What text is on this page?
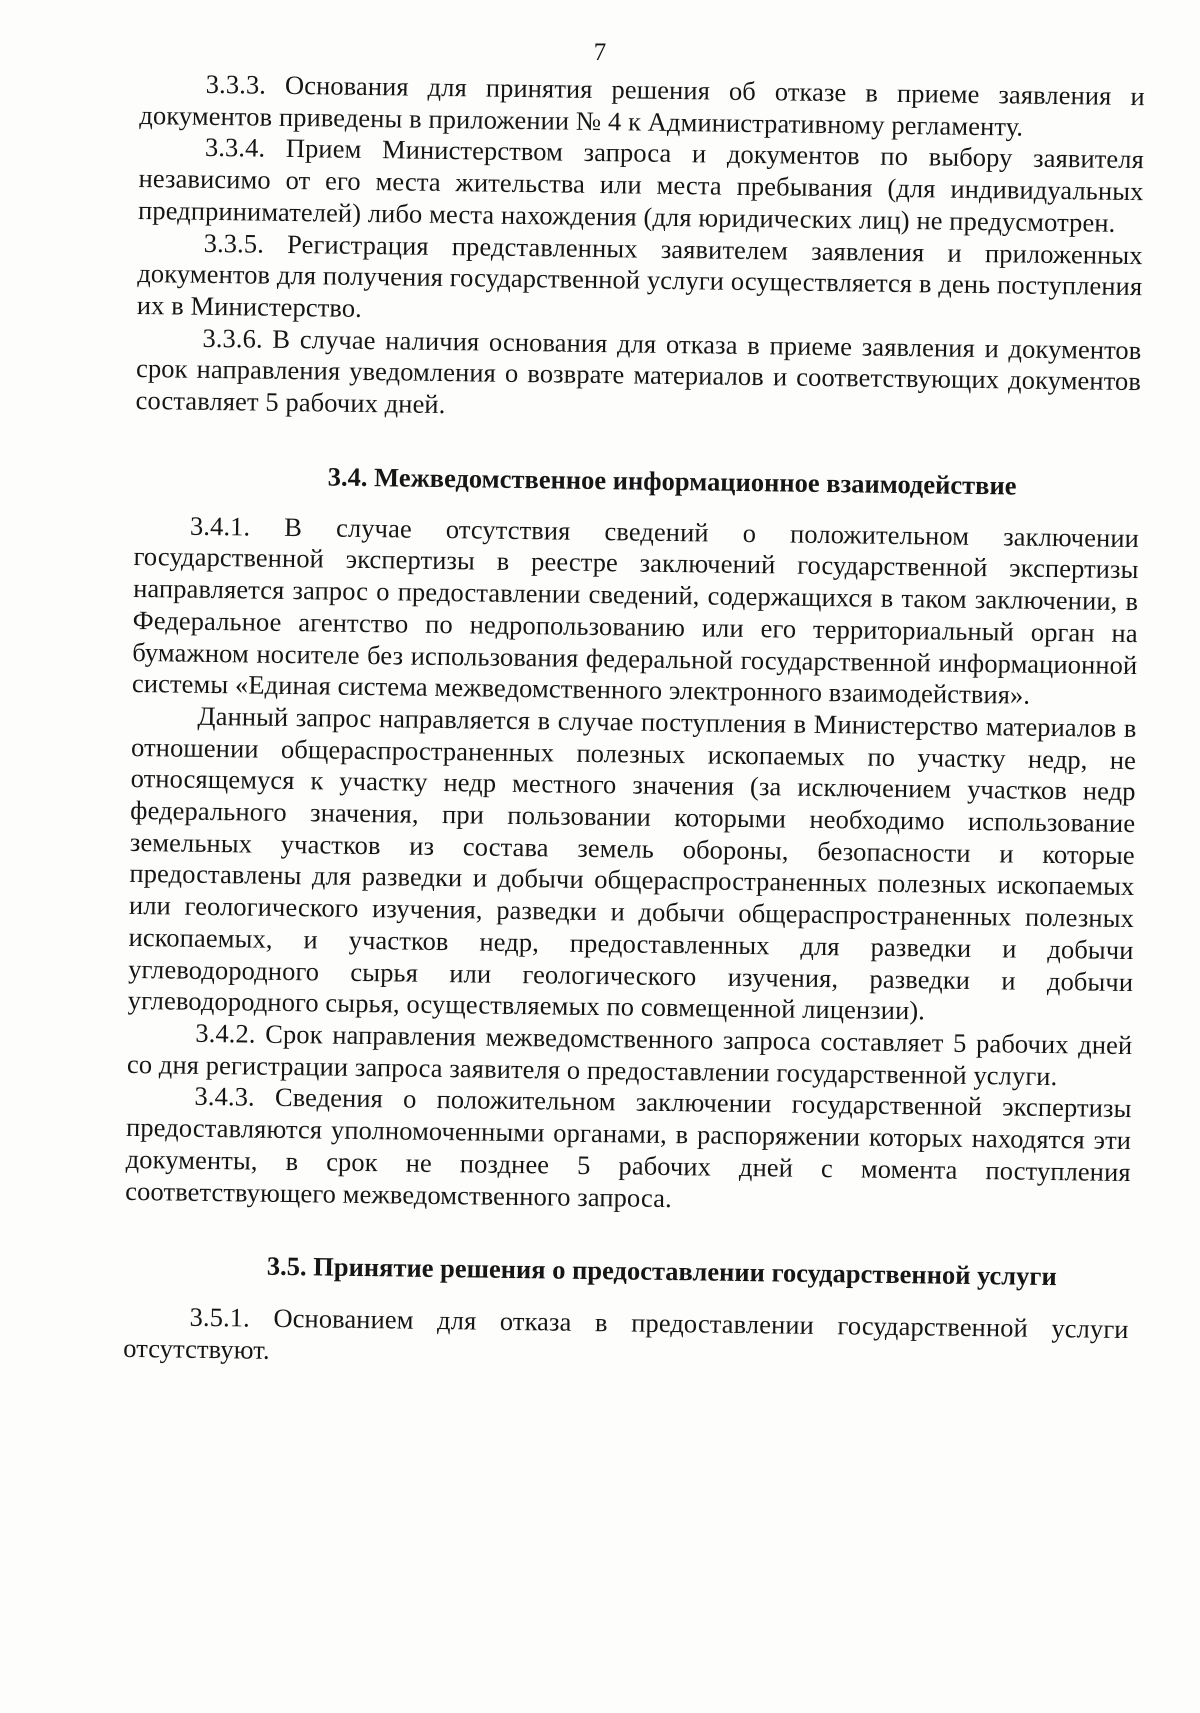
7

3.3.3. Основания для принятия решения об отказе в приеме заявления и документов приведены в приложении № 4 к Административному регламенту.

3.3.4. Прием Министерством запроса и документов по выбору заявителя независимо от его места жительства или места пребывания (для индивидуальных предпринимателей) либо места нахождения (для юридических лиц) не предусмотрен.

3.3.5. Регистрация представленных заявителем заявления и приложенных документов для получения государственной услуги осуществляется в день поступления их в Министерство.

3.3.6. В случае наличия основания для отказа в приеме заявления и документов срок направления уведомления о возврате материалов и соответствующих документов составляет 5 рабочих дней.

3.4. Межведомственное информационное взаимодействие

3.4.1. В случае отсутствия сведений о положительном заключении государственной экспертизы в реестре заключений государственной экспертизы направляется запрос о предоставлении сведений, содержащихся в таком заключении, в Федеральное агентство по недропользованию или его территориальный орган на бумажном носителе без использования федеральной государственной информационной системы «Единая система межведомственного электронного взаимодействия».

Данный запрос направляется в случае поступления в Министерство материалов в отношении общераспространенных полезных ископаемых по участку недр, не относящемуся к участку недр местного значения (за исключением участков недр федерального значения, при пользовании которыми необходимо использование земельных участков из состава земель обороны, безопасности и которые предоставлены для разведки и добычи общераспространенных полезных ископаемых или геологического изучения, разведки и добычи общераспространенных полезных ископаемых, и участков недр, предоставленных для разведки и добычи углеводородного сырья или геологического изучения, разведки и добычи углеводородного сырья, осуществляемых по совмещенной лицензии).

3.4.2. Срок направления межведомственного запроса составляет 5 рабочих дней со дня регистрации запроса заявителя о предоставлении государственной услуги.

3.4.3. Сведения о положительном заключении государственной экспертизы предоставляются уполномоченными органами, в распоряжении которых находятся эти документы, в срок не позднее 5 рабочих дней с момента поступления соответствующего межведомственного запроса.

3.5. Принятие решения о предоставлении государственной услуги

3.5.1. Основанием для отказа в предоставлении государственной услуги отсутствуют.
